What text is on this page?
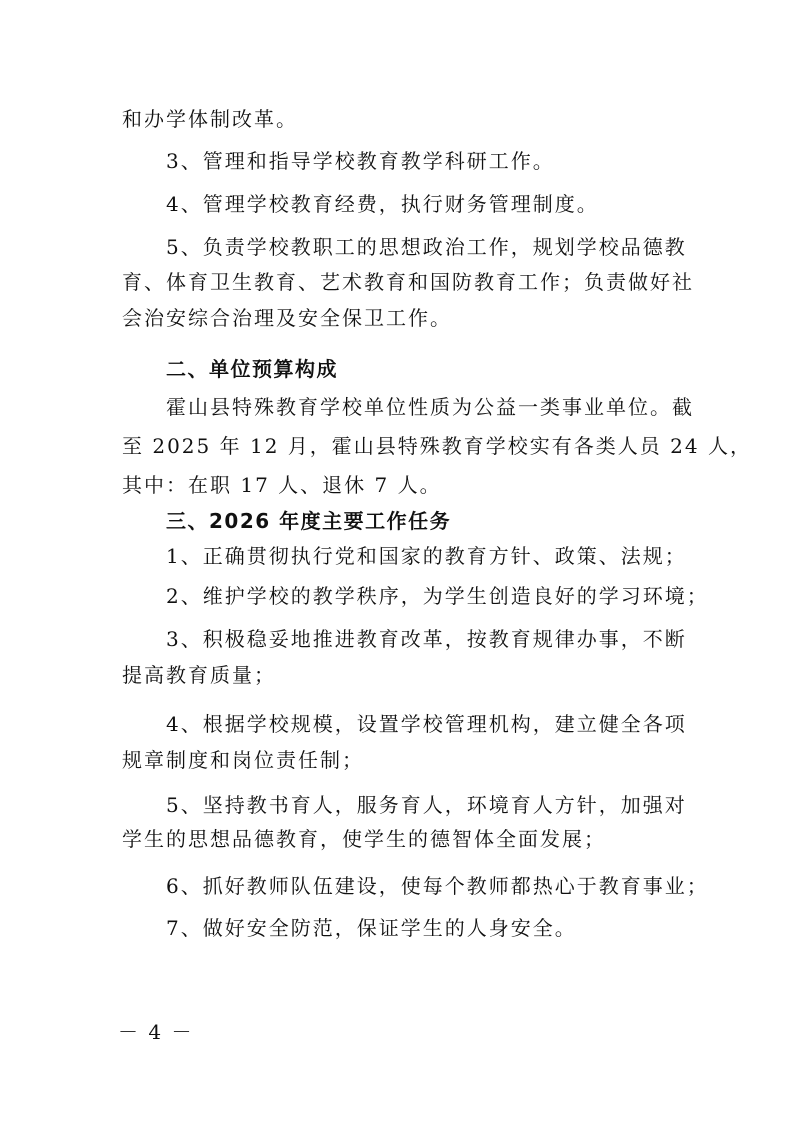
和办学体制改革。

3、管理和指导学校教育教学科研工作。

4、管理学校教育经费，执行财务管理制度。

5、负责学校教职工的思想政治工作，规划学校品德教

育、体育卫生教育、艺术教育和国防教育工作；负责做好社

会治安综合治理及安全保卫工作。

二、单位预算构成

霍山县特殊教育学校单位性质为公益一类事业单位。截

至 2025 年 12 月，霍山县特殊教育学校实有各类人员 24 人，

其中：在职 17 人、退休 7 人。

三、2026 年度主要工作任务

1、正确贯彻执行党和国家的教育方针、政策、法规；

2、维护学校的教学秩序，为学生创造良好的学习环境；

3、积极稳妥地推进教育改革，按教育规律办事，不断

提高教育质量；

4、根据学校规模，设置学校管理机构，建立健全各项

规章制度和岗位责任制；

5、坚持教书育人，服务育人，环境育人方针，加强对

学生的思想品德教育，使学生的德智体全面发展；

6、抓好教师队伍建设，使每个教师都热心于教育事业；

7、做好安全防范，保证学生的人身安全。

－ 4 －
